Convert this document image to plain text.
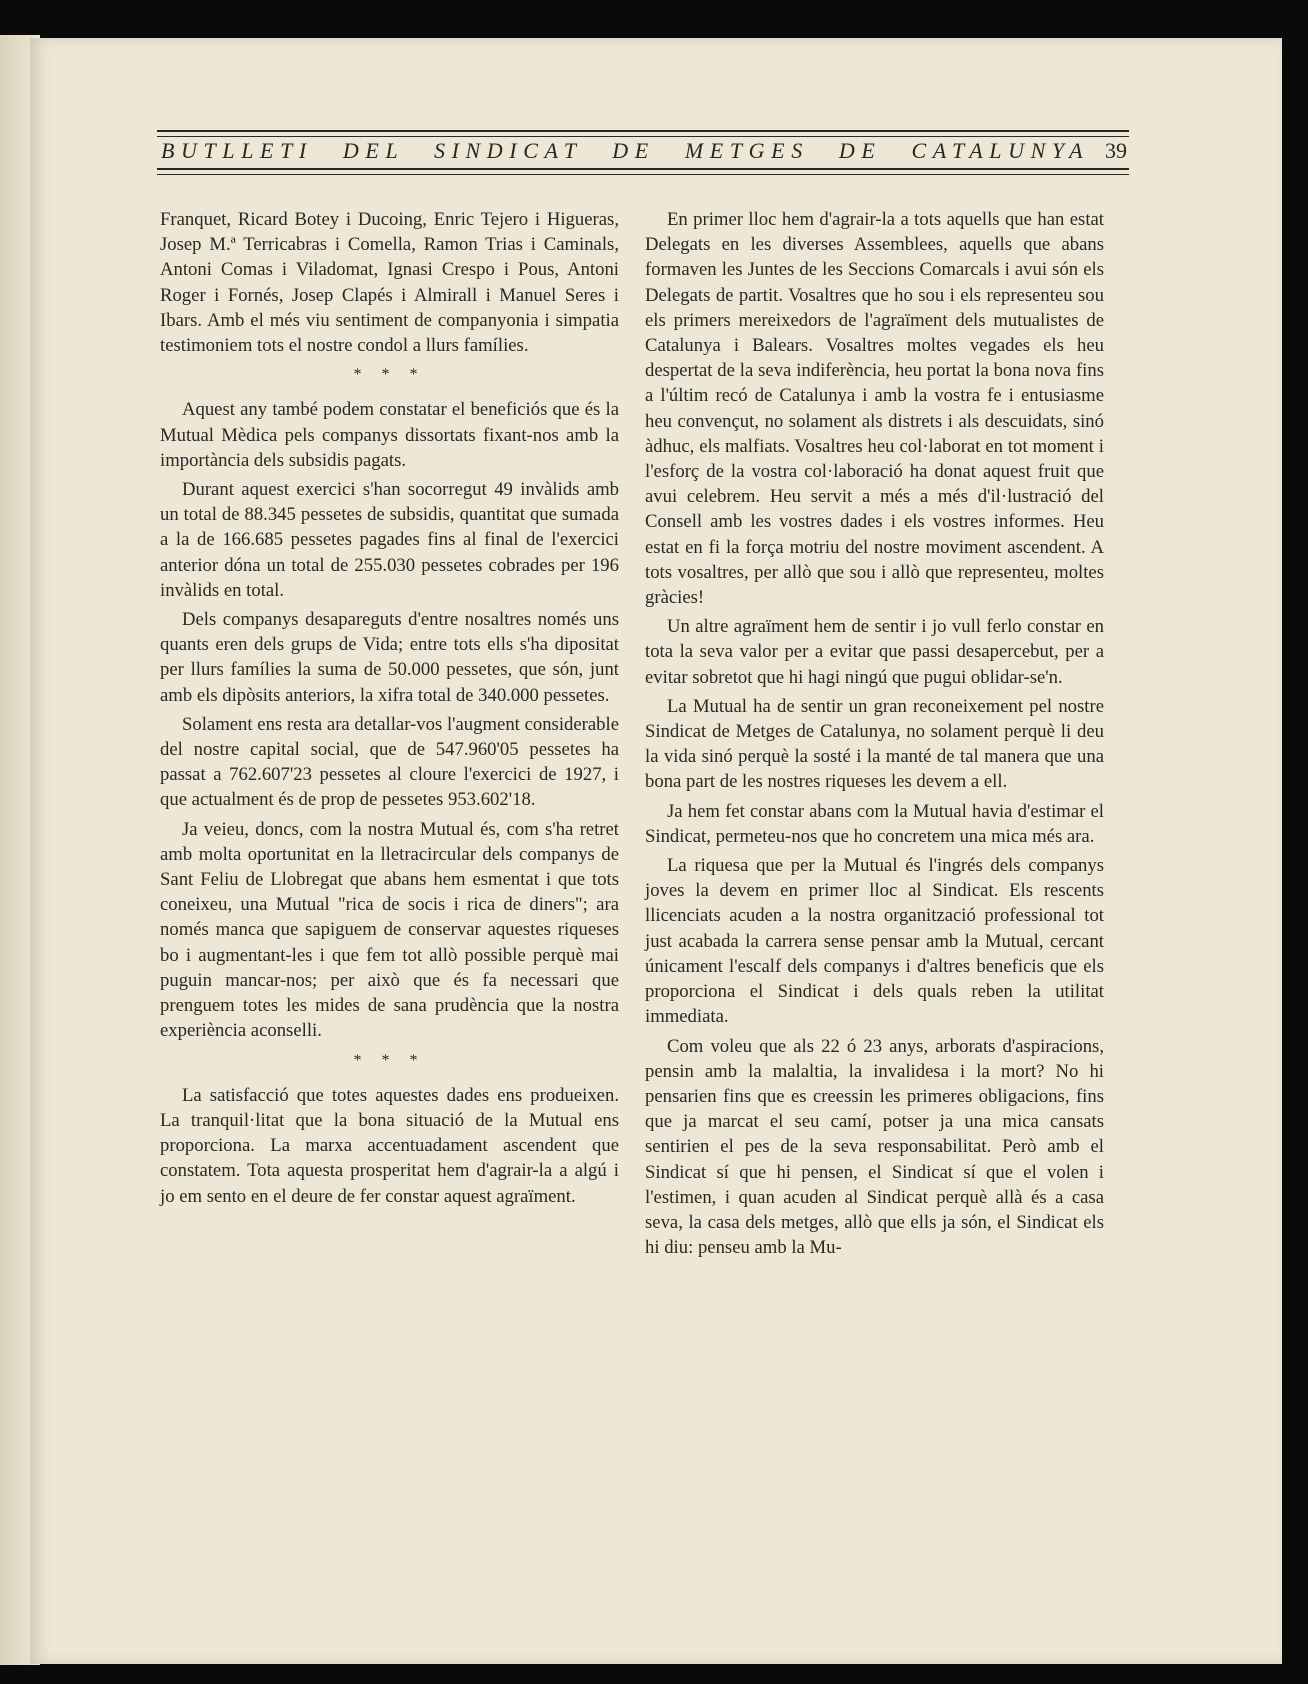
BUTLLETI DEL SINDICAT DE METGES DE CATALUNYA 39

Franquet, Ricard Botey i Ducoing, Enric Tejero i Higueras, Josep M.ª Terricabras i Comella, Ramon Trias i Caminals, Antoni Comas i Viladomat, Ignasi Crespo i Pous, Antoni Roger i Fornés, Josep Clapés i Almirall i Manuel Seres i Ibars. Amb el més viu sentiment de companyonia i simpatia testimoniem tots el nostre condol a llurs famílies.

* * *

Aquest any també podem constatar el beneficiós que és la Mutual Mèdica pels companys dissortats fixant-nos amb la importància dels subsidis pagats.

Durant aquest exercici s'han socorregut 49 invàlids amb un total de 88.345 pessetes de subsidis, quantitat que sumada a la de 166.685 pessetes pagades fins al final de l'exercici anterior dóna un total de 255.030 pessetes cobrades per 196 invàlids en total.

Dels companys desapareguts d'entre nosaltres només uns quants eren dels grups de Vida; entre tots ells s'ha dipositat per llurs famílies la suma de 50.000 pessetes, que són, junt amb els dipòsits anteriors, la xifra total de 340.000 pessetes.

Solament ens resta ara detallar-vos l'augment considerable del nostre capital social, que de 547.960'05 pessetes ha passat a 762.607'23 pessetes al cloure l'exercici de 1927, i que actualment és de prop de pessetes 953.602'18.

Ja veieu, doncs, com la nostra Mutual és, com s'ha retret amb molta oportunitat en la lletracircular dels companys de Sant Feliu de Llobregat que abans hem esmentat i que tots coneixeu, una Mutual "rica de socis i rica de diners"; ara només manca que sapiguem de conservar aquestes riqueses bo i augmentant-les i que fem tot allò possible perquè mai puguin mancar-nos; per això que és fa necessari que prenguem totes les mides de sana prudència que la nostra experiència aconselli.

* * *

La satisfacció que totes aquestes dades ens produeixen. La tranquil·litat que la bona situació de la Mutual ens proporciona. La marxa accentuadament ascendent que constatem. Tota aquesta prosperitat hem d'agrair-la a algú i jo em sento en el deure de fer constar aquest agraïment.

En primer lloc hem d'agrair-la a tots aquells que han estat Delegats en les diverses Assemblees, aquells que abans formaven les Juntes de les Seccions Comarcals i avui són els Delegats de partit. Vosaltres que ho sou i els representeu sou els primers mereixedors de l'agraïment dels mutualistes de Catalunya i Balears. Vosaltres moltes vegades els heu despertat de la seva indiferència, heu portat la bona nova fins a l'últim recó de Catalunya i amb la vostra fe i entusiasme heu convençut, no solament als distrets i als descuidats, sinó àdhuc, els malfiats. Vosaltres heu col·laborat en tot moment i l'esforç de la vostra col·laboració ha donat aquest fruit que avui celebrem. Heu servit a més a més d'il·lustració del Consell amb les vostres dades i els vostres informes. Heu estat en fi la força motriu del nostre moviment ascendent. A tots vosaltres, per allò que sou i allò que representeu, moltes gràcies!

Un altre agraïment hem de sentir i jo vull ferlo constar en tota la seva valor per a evitar que passi desapercebut, per a evitar sobretot que hi hagi ningú que pugui oblidar-se'n.

La Mutual ha de sentir un gran reconeixement pel nostre Sindicat de Metges de Catalunya, no solament perquè li deu la vida sinó perquè la sosté i la manté de tal manera que una bona part de les nostres riqueses les devem a ell.

Ja hem fet constar abans com la Mutual havia d'estimar el Sindicat, permeteu-nos que ho concretem una mica més ara.

La riquesa que per la Mutual és l'ingrés dels companys joves la devem en primer lloc al Sindicat. Els rescents llicenciats acuden a la nostra organització professional tot just acabada la carrera sense pensar amb la Mutual, cercant únicament l'escalf dels companys i d'altres beneficis que els proporciona el Sindicat i dels quals reben la utilitat immediata.

Com voleu que als 22 ó 23 anys, arborats d'aspiracions, pensin amb la malaltia, la invalidesa i la mort? No hi pensarien fins que es creessin les primeres obligacions, fins que ja marcat el seu camí, potser ja una mica cansats sentirien el pes de la seva responsabilitat. Però amb el Sindicat sí que hi pensen, el Sindicat sí que el volen i l'estimen, i quan acuden al Sindicat perquè allà és a casa seva, la casa dels metges, allò que ells ja són, el Sindicat els hi diu: penseu amb la Mu-
